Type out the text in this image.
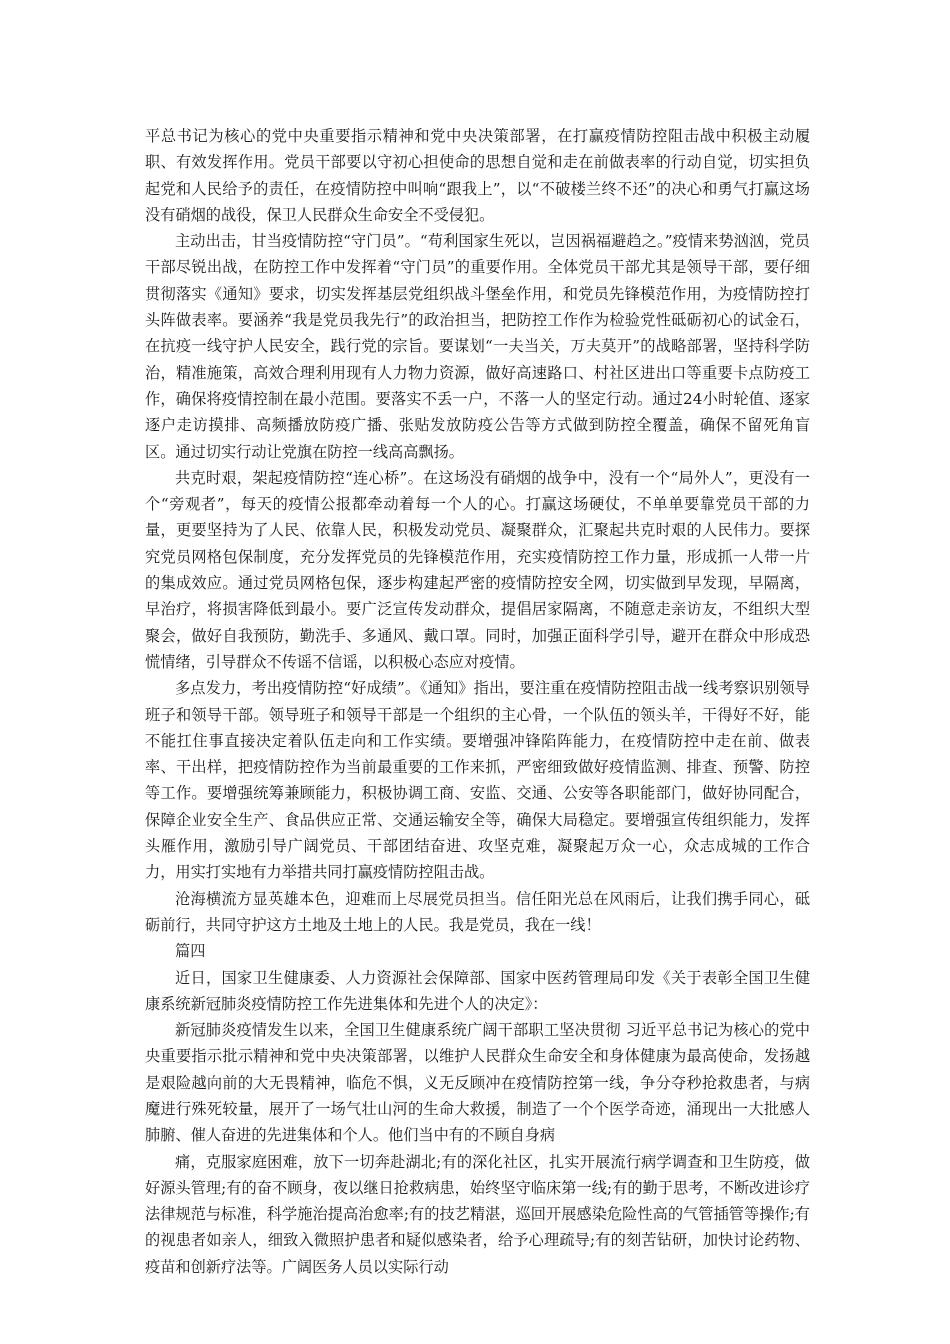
平总书记为核心的党中央重要指示精神和党中央决策部署，在打赢疫情防控阻击战中积极主动履职、有效发挥作用。党员干部要以守初心担使命的思想自觉和走在前做表率的行动自觉，切实担负起党和人民给予的责任，在疫情防控中叫响“跟我上”，以“不破楼兰终不还”的决心和勇气打赢这场没有硝烟的战役，保卫人民群众生命安全不受侵犯。

主动出击，甘当疫情防控“守门员”。“苟利国家生死以，岂因祸福避趋之。”疫情来势汹汹，党员干部尽锐出战，在防控工作中发挥着“守门员”的重要作用。全体党员干部尤其是领导干部，要仔细贯彻落实《通知》要求，切实发挥基层党组织战斗堡垒作用，和党员先锋模范作用，为疫情防控打头阵做表率。要涵养“我是党员我先行”的政治担当，把防控工作作为检验党性砥砺初心的试金石，在抗疫一线守护人民安全，践行党的宗旨。要谋划“一夫当关，万夫莫开”的战略部署，坚持科学防治，精准施策，高效合理利用现有人力物力资源，做好高速路口、村社区进出口等重要卡点防疫工作，确保将疫情控制在最小范围。要落实不丢一户，不落一人的坚定行动。通过24小时轮值、逐家逐户走访摸排、高频播放防疫广播、张贴发放防疫公告等方式做到防控全覆盖，确保不留死角盲区。通过切实行动让党旗在防控一线高高飘扬。

共克时艰，架起疫情防控“连心桥”。在这场没有硝烟的战争中，没有一个“局外人”，更没有一个“旁观者”，每天的疫情公报都牵动着每一个人的心。打赢这场硬仗，不单单要靠党员干部的力量，更要坚持为了人民、依靠人民，积极发动党员、凝聚群众，汇聚起共克时艰的人民伟力。要探究党员网格包保制度，充分发挥党员的先锋模范作用，充实疫情防控工作力量，形成抓一人带一片的集成效应。通过党员网格包保，逐步构建起严密的疫情防控安全网，切实做到早发现，早隔离，早治疗，将损害降低到最小。要广泛宣传发动群众，提倡居家隔离，不随意走亲访友，不组织大型聚会，做好自我预防，勤洗手、多通风、戴口罩。同时，加强正面科学引导，避开在群众中形成恐慌情绪，引导群众不传谣不信谣，以积极心态应对疫情。

多点发力，考出疫情防控“好成绩”。《通知》指出，要注重在疫情防控阻击战一线考察识别领导班子和领导干部。领导班子和领导干部是一个组织的主心骨，一个队伍的领头羊，干得好不好，能不能扛住事直接决定着队伍走向和工作实绩。要增强冲锋陷阵能力，在疫情防控中走在前、做表率、干出样，把疫情防控作为当前最重要的工作来抓，严密细致做好疫情监测、排查、预警、防控等工作。要增强统筹兼顾能力，积极协调工商、安监、交通、公安等各职能部门，做好协同配合，保障企业安全生产、食品供应正常、交通运输安全等，确保大局稳定。要增强宣传组织能力，发挥头雁作用，激励引导广阔党员、干部团结奋进、攻坚克难，凝聚起万众一心，众志成城的工作合力，用实打实地有力举措共同打赢疫情防控阻击战。

沧海横流方显英雄本色，迎难而上尽展党员担当。信任阳光总在风雨后，让我们携手同心，砥砺前行，共同守护这方土地及土地上的人民。我是党员，我在一线！

篇四

近日，国家卫生健康委、人力资源社会保障部、国家中医药管理局印发《关于表彰全国卫生健康系统新冠肺炎疫情防控工作先进集体和先进个人的决定》：

新冠肺炎疫情发生以来，全国卫生健康系统广阔干部职工坚决贯彻 习近平总书记为核心的党中央重要指示批示精神和党中央决策部署，以维护人民群众生命安全和身体健康为最高使命，发扬越是艰险越向前的大无畏精神，临危不惧，义无反顾冲在疫情防控第一线，争分夺秒抢救患者，与病魔进行殊死较量，展开了一场气壮山河的生命大救援，制造了一个个医学奇迹，涌现出一大批感人肺腑、催人奋进的先进集体和个人。他们当中有的不顾自身病

痛，克服家庭困难，放下一切奔赴湖北;有的深化社区，扎实开展流行病学调查和卫生防疫，做好源头管理;有的奋不顾身，夜以继日抢救病患，始终坚守临床第一线;有的勤于思考，不断改进诊疗法律规范与标准，科学施治提高治愈率;有的技艺精湛，巡回开展感染危险性高的气管插管等操作;有的视患者如亲人，细致入微照护患者和疑似感染者，给予心理疏导;有的刻苦钻研，加快讨论药物、疫苗和创新疗法等。广阔医务人员以实际行动
